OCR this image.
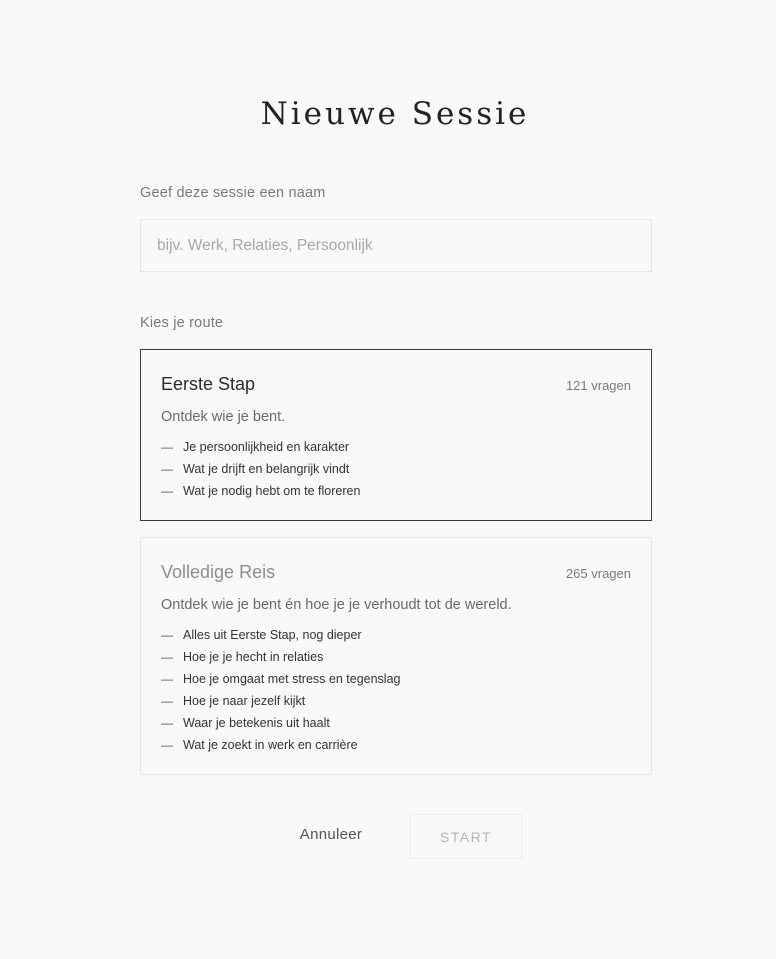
Nieuwe Sessie
Geef deze sessie een naam
bijv. Werk, Relaties, Persoonlijk
Kies je route
Eerste Stap	121 vragen
Ontdek wie je bent.
— Je persoonlijkheid en karakter
— Wat je drijft en belangrijk vindt
— Wat je nodig hebt om te floreren
Volledige Reis	265 vragen
Ontdek wie je bent én hoe je je verhoudt tot de wereld.
— Alles uit Eerste Stap, nog dieper
— Hoe je je hecht in relaties
— Hoe je omgaat met stress en tegenslag
— Hoe je naar jezelf kijkt
— Waar je betekenis uit haalt
— Wat je zoekt in werk en carrière
Annuleer	START
